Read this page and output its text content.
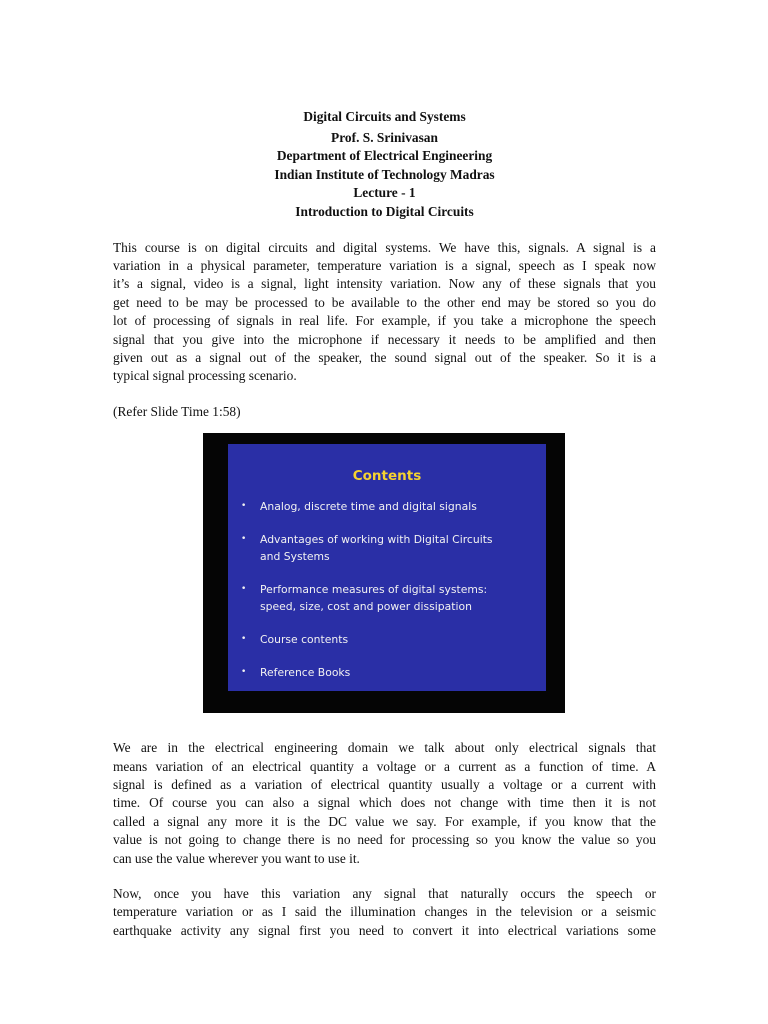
Digital Circuits and Systems
Prof. S. Srinivasan
Department of Electrical Engineering
Indian Institute of Technology Madras
Lecture - 1
Introduction to Digital Circuits

This course is on digital circuits and digital systems. We have this, signals. A signal is a
variation in a physical parameter, temperature variation is a signal, speech as I speak now
it’s a signal, video is a signal, light intensity variation. Now any of these signals that you
get need to be may be processed to be available to the other end may be stored so you do
lot of processing of signals in real life. For example, if you take a microphone the speech
signal that you give into the microphone if necessary it needs to be amplified and then
given out as a signal out of the speaker, the sound signal out of the speaker. So it is a
typical signal processing scenario.

(Refer Slide Time 1:58)

We are in the electrical engineering domain we talk about only electrical signals that
means variation of an electrical quantity a voltage or a current as a function of time. A
signal is defined as a variation of electrical quantity usually a voltage or a current with
time. Of course you can also a signal which does not change with time then it is not
called a signal any more it is the DC value we say. For example, if you know that the
value is not going to change there is no need for processing so you know the value so you
can use the value wherever you want to use it.

Now, once you have this variation any signal that naturally occurs the speech or
temperature variation or as I said the illumination changes in the television or a seismic
earthquake activity any signal first you need to convert it into electrical variations some

Contents
•	Analog, discrete time and digital signals
•	Advantages of working with Digital Circuits
and Systems
•	Performance measures of digital systems:
speed, size, cost and power dissipation
•	Course contents
•	Reference Books
